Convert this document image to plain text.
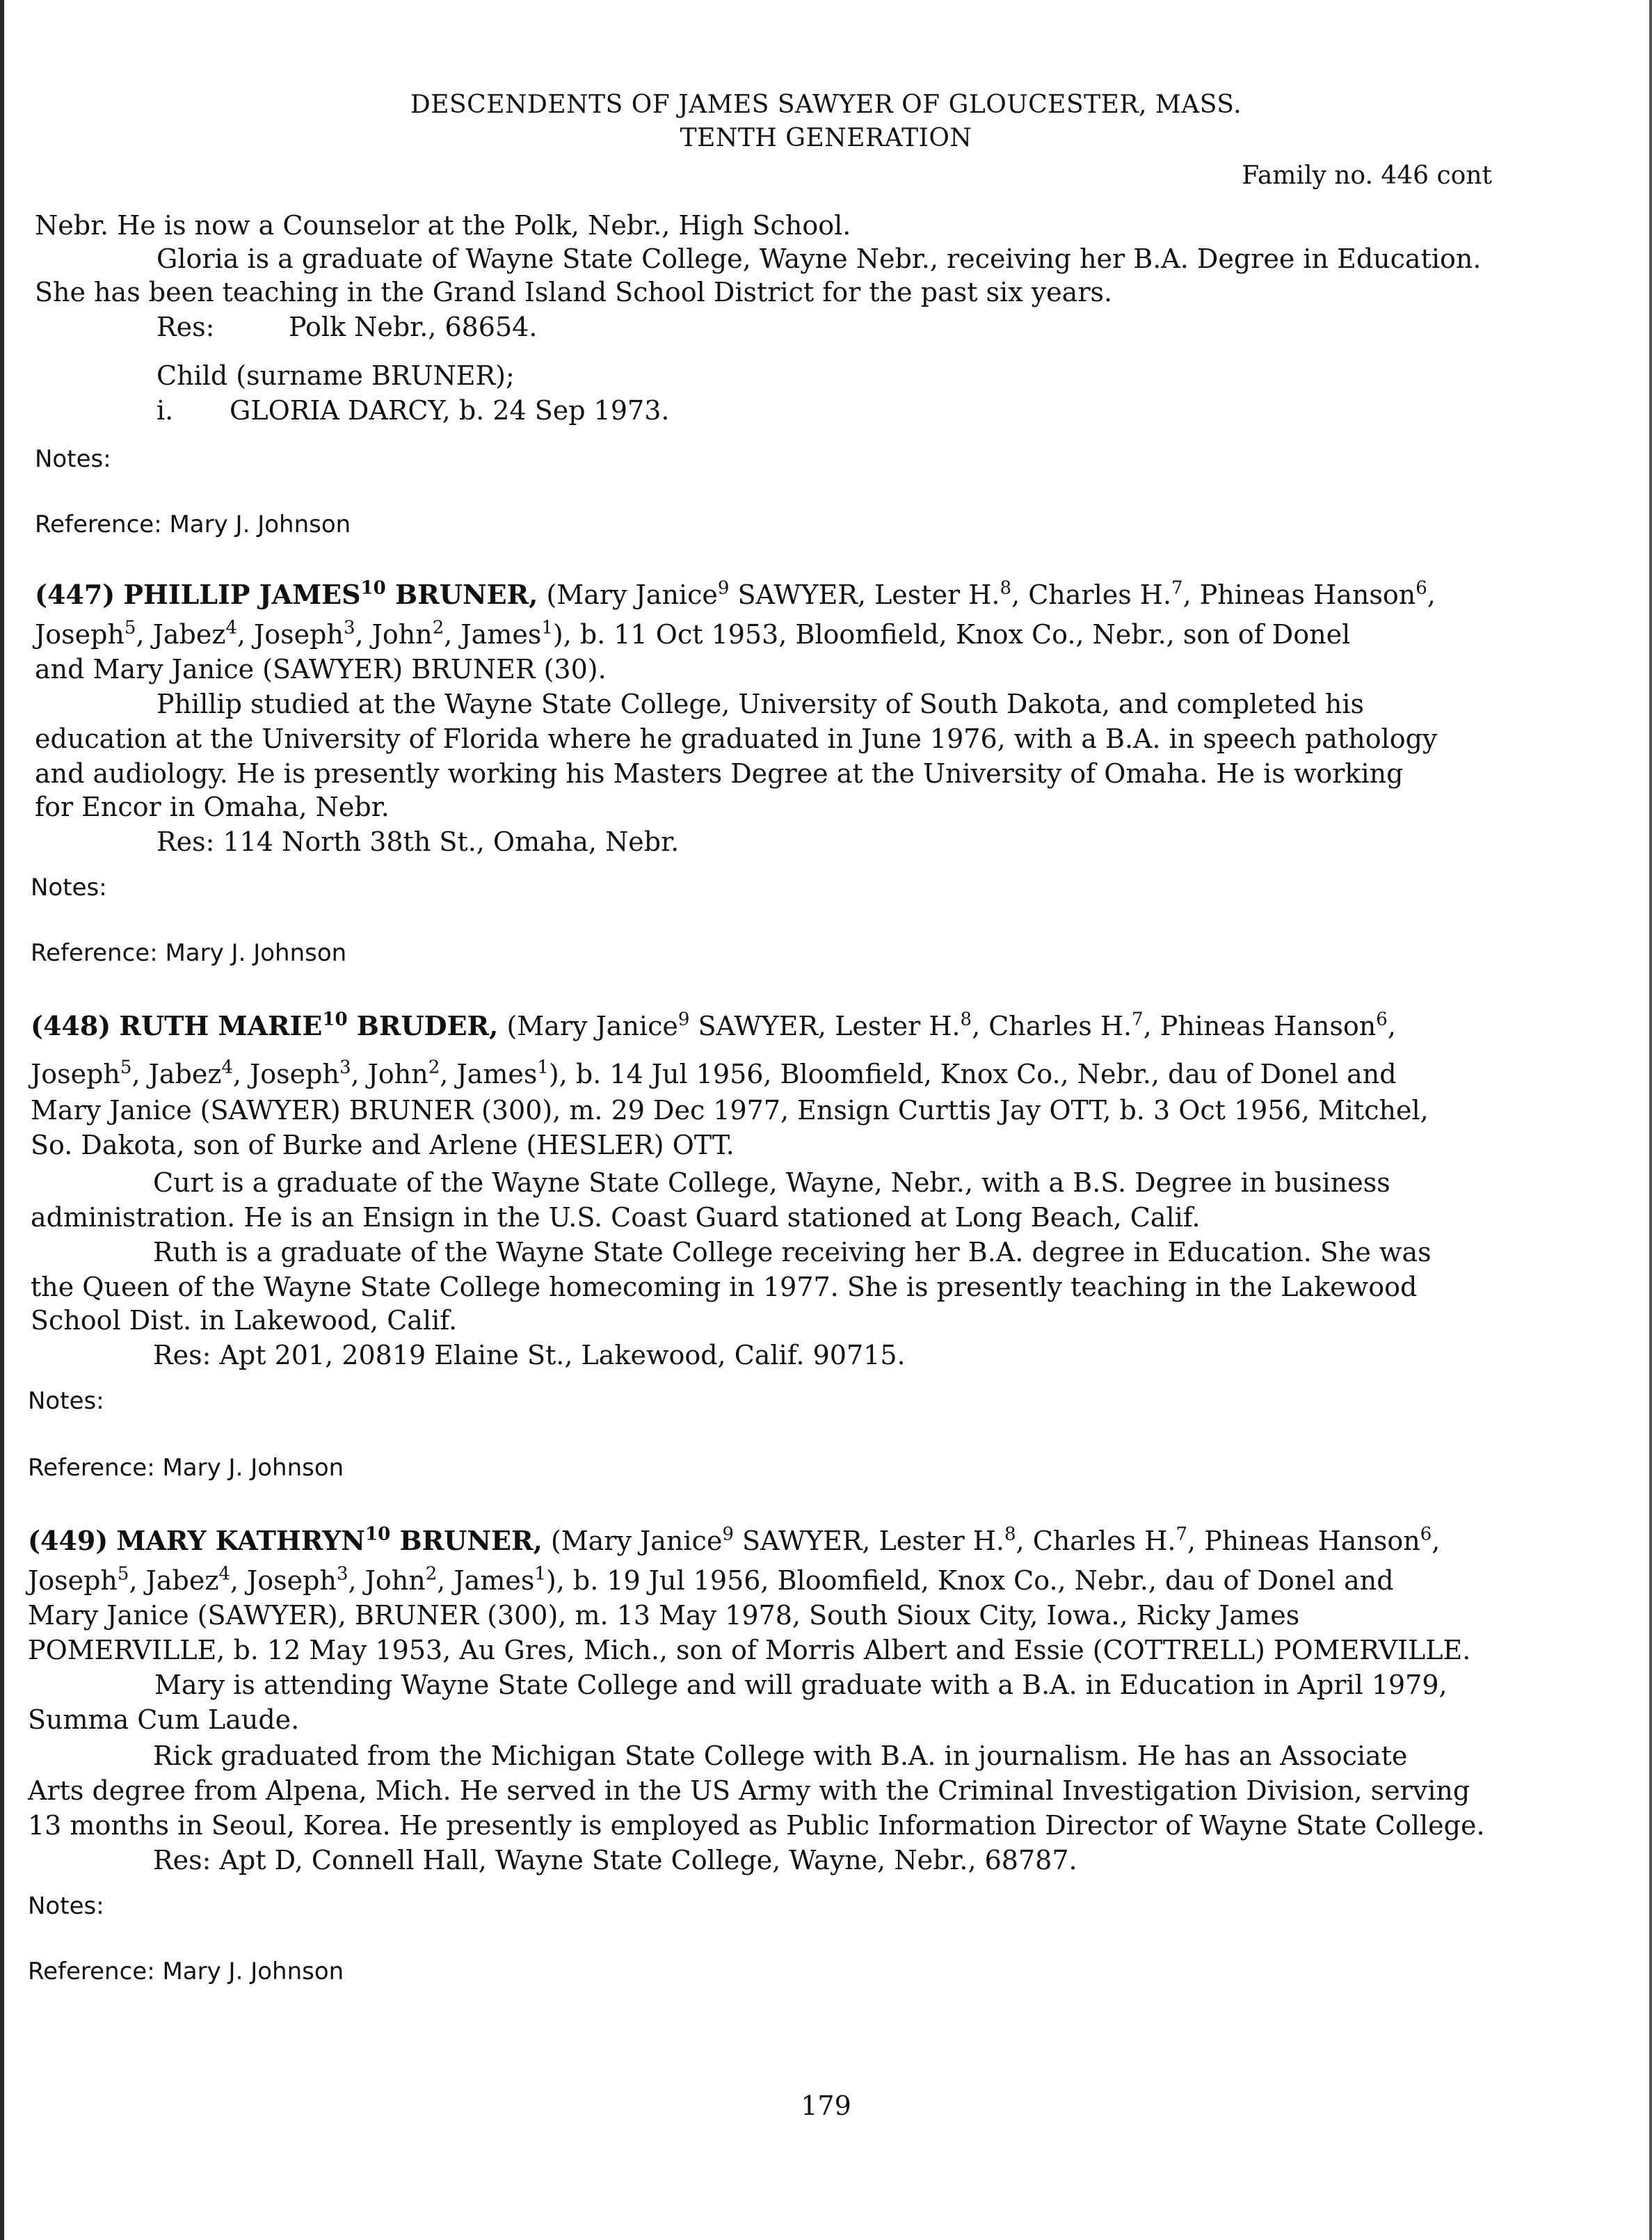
DESCENDENTS OF JAMES SAWYER OF GLOUCESTER, MASS.
TENTH GENERATION
Family no. 446 cont
Nebr. He is now a Counselor at the Polk, Nebr., High School.
Gloria is a graduate of Wayne State College, Wayne Nebr., receiving her B.A. Degree in Education.
She has been teaching in the Grand Island School District for the past six years.
Res:	Polk Nebr., 68654.
Child (surname BRUNER);
i. GLORIA DARCY, b. 24 Sep 1973.
Notes:
Reference: Mary J. Johnson
(447) PHILLIP JAMES$^{10}$ BRUNER, (Mary Janice$^9$ SAWYER, Lester H.$^8$, Charles H.$^7$, Phineas Hanson$^6$,
Joseph$^5$, Jabez$^4$, Joseph$^3$, John$^2$, James$^1$), b. 11 Oct 1953, Bloomfield, Knox Co., Nebr., son of Donel
and Mary Janice (SAWYER) BRUNER (30).
Phillip studied at the Wayne State College, University of South Dakota, and completed his
education at the University of Florida where he graduated in June 1976, with a B.A. in speech pathology
and audiology. He is presently working his Masters Degree at the University of Omaha. He is working
for Encor in Omaha, Nebr.
Res: 114 North 38th St., Omaha, Nebr.
Notes:
Reference: Mary J. Johnson
(448) RUTH MARIE$^{10}$ BRUDER, (Mary Janice$^9$ SAWYER, Lester H.$^8$, Charles H.$^7$, Phineas Hanson$^6$,
Joseph$^5$, Jabez$^4$, Joseph$^3$, John$^2$, James$^1$), b. 14 Jul 1956, Bloomfield, Knox Co., Nebr., dau of Donel and
Mary Janice (SAWYER) BRUNER (300), m. 29 Dec 1977, Ensign Curttis Jay OTT, b. 3 Oct 1956, Mitchel,
So. Dakota, son of Burke and Arlene (HESLER) OTT.
Curt is a graduate of the Wayne State College, Wayne, Nebr., with a B.S. Degree in business
administration. He is an Ensign in the U.S. Coast Guard stationed at Long Beach, Calif.
Ruth is a graduate of the Wayne State College receiving her B.A. degree in Education. She was
the Queen of the Wayne State College homecoming in 1977. She is presently teaching in the Lakewood
School Dist. in Lakewood, Calif.
Res: Apt 201, 20819 Elaine St., Lakewood, Calif. 90715.
Notes:
Reference: Mary J. Johnson
(449) MARY KATHRYN$^{10}$ BRUNER, (Mary Janice$^9$ SAWYER, Lester H.$^8$, Charles H.$^7$, Phineas Hanson$^6$,
Joseph$^5$, Jabez$^4$, Joseph$^3$, John$^2$, James$^1$), b. 19 Jul 1956, Bloomfield, Knox Co., Nebr., dau of Donel and
Mary Janice (SAWYER), BRUNER (300), m. 13 May 1978, South Sioux City, Iowa., Ricky James
POMERVILLE, b. 12 May 1953, Au Gres, Mich., son of Morris Albert and Essie (COTTRELL) POMERVILLE.
Mary is attending Wayne State College and will graduate with a B.A. in Education in April 1979,
Summa Cum Laude.
Rick graduated from the Michigan State College with B.A. in journalism. He has an Associate
Arts degree from Alpena, Mich. He served in the US Army with the Criminal Investigation Division, serving
13 months in Seoul, Korea. He presently is employed as Public Information Director of Wayne State College.
Res: Apt D, Connell Hall, Wayne State College, Wayne, Nebr., 68787.
Notes:
Reference: Mary J. Johnson
179
